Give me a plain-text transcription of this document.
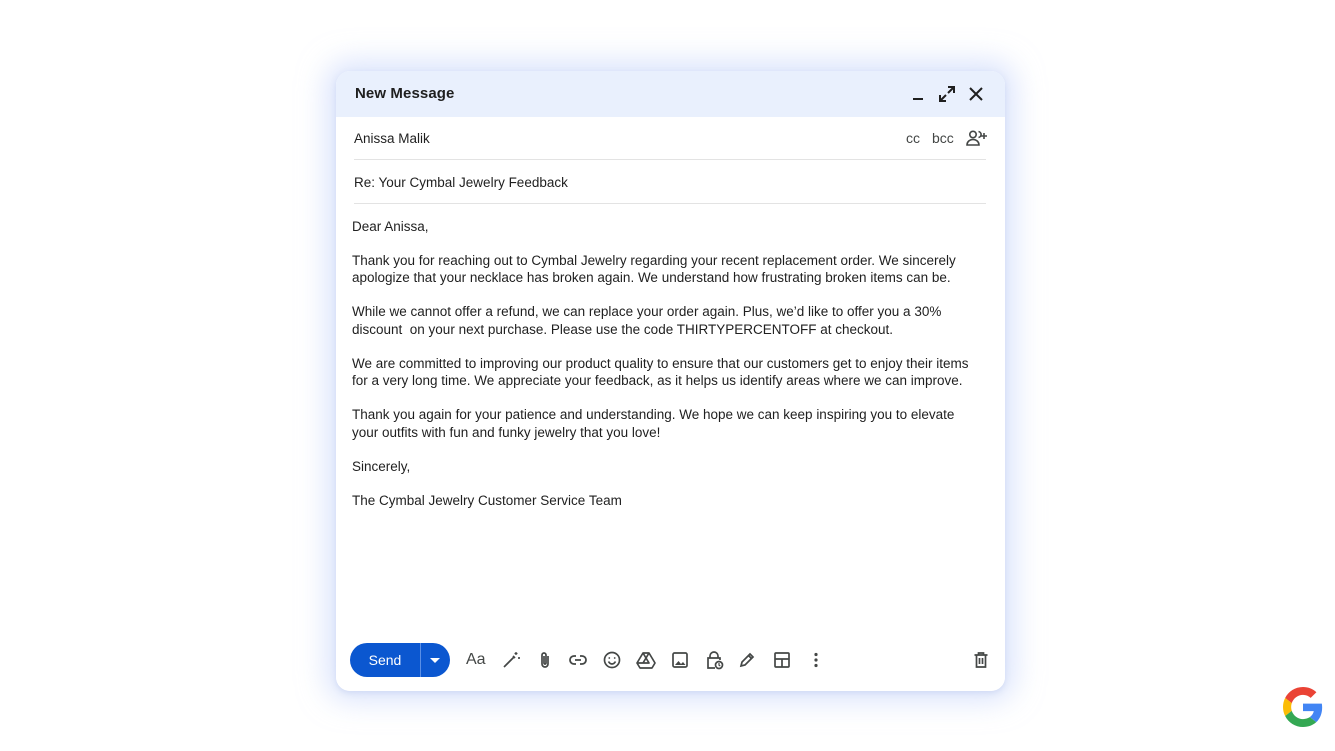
New Message
Anissa Malik	cc bcc
Re: Your Cymbal Jewelry Feedback

Dear Anissa,

Thank you for reaching out to Cymbal Jewelry regarding your recent replacement order. We sincerely apologize that your necklace has broken again. We understand how frustrating broken items can be.

While we cannot offer a refund, we can replace your order again. Plus, we’d like to offer you a 30% discount  on your next purchase. Please use the code THIRTYPERCENTOFF at checkout.

We are committed to improving our product quality to ensure that our customers get to enjoy their items for a very long time. We appreciate your feedback, as it helps us identify areas where we can improve.

Thank you again for your patience and understanding. We hope we can keep inspiring you to elevate your outfits with fun and funky jewelry that you love!

Sincerely,

The Cymbal Jewelry Customer Service Team

Send	Aa
